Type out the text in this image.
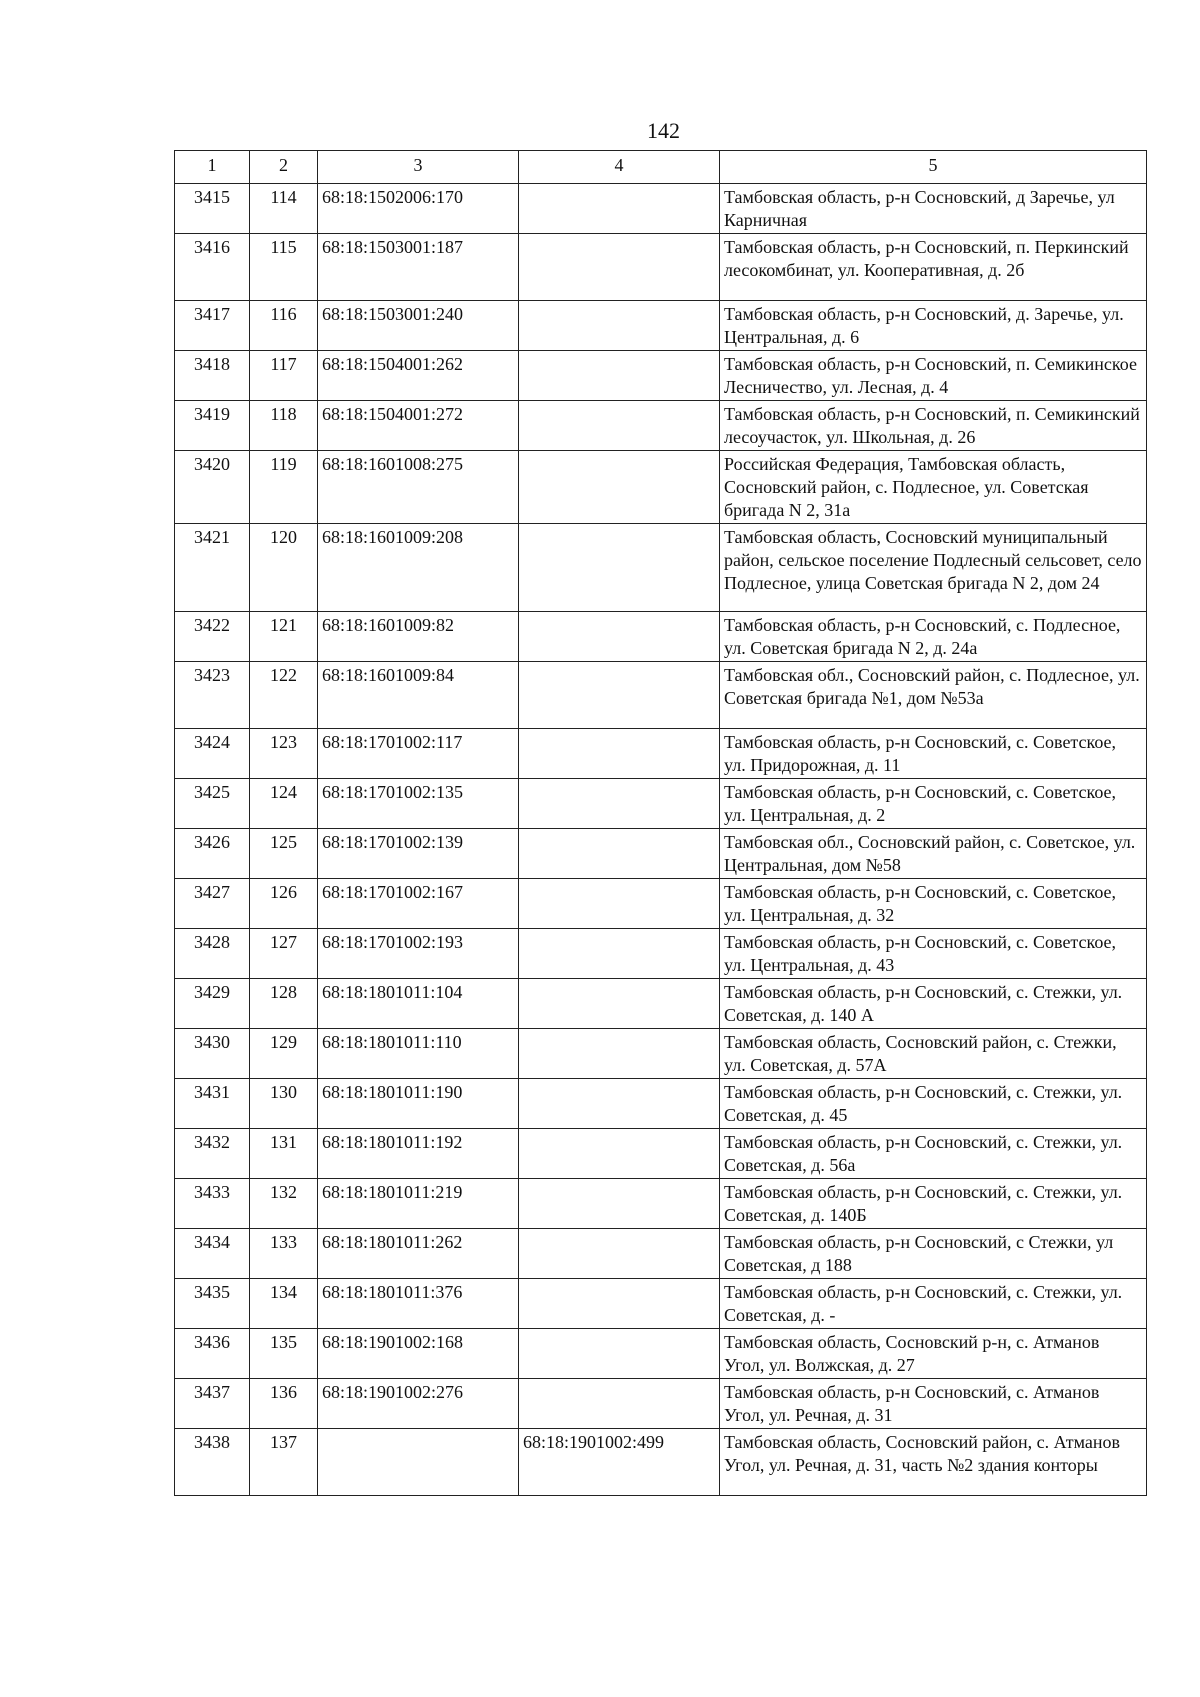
142
1	2	3	4	5
3415	114	68:18:1502006:170		Тамбовская область, р-н Сосновский, д Заречье, ул Карничная
3416	115	68:18:1503001:187		Тамбовская область, р-н Сосновский, п. Перкинский лесокомбинат, ул. Кооперативная, д. 2б
3417	116	68:18:1503001:240		Тамбовская область, р-н Сосновский, д. Заречье, ул. Центральная, д. 6
3418	117	68:18:1504001:262		Тамбовская область, р-н Сосновский, п. Семикинское Лесничество, ул. Лесная, д. 4
3419	118	68:18:1504001:272		Тамбовская область, р-н Сосновский, п. Семикинский лесоучасток, ул. Школьная, д. 26
3420	119	68:18:1601008:275		Российская Федерация, Тамбовская область, Сосновский район, с. Подлесное, ул. Советская бригада N 2, 31а
3421	120	68:18:1601009:208		Тамбовская область, Сосновский муниципальный район, сельское поселение Подлесный сельсовет, село Подлесное, улица Советская бригада N 2, дом 24
3422	121	68:18:1601009:82		Тамбовская область, р-н Сосновский, с. Подлесное, ул. Советская бригада N 2, д. 24а
3423	122	68:18:1601009:84		Тамбовская обл., Сосновский район, с. Подлесное, ул. Советская бригада №1, дом №53а
3424	123	68:18:1701002:117		Тамбовская область, р-н Сосновский, с. Советское, ул. Придорожная, д. 11
3425	124	68:18:1701002:135		Тамбовская область, р-н Сосновский, с. Советское, ул. Центральная, д. 2
3426	125	68:18:1701002:139		Тамбовская обл., Сосновский район, с. Советское, ул. Центральная, дом №58
3427	126	68:18:1701002:167		Тамбовская область, р-н Сосновский, с. Советское, ул. Центральная, д. 32
3428	127	68:18:1701002:193		Тамбовская область, р-н Сосновский, с. Советское, ул. Центральная, д. 43
3429	128	68:18:1801011:104		Тамбовская область, р-н Сосновский, с. Стежки, ул. Советская, д. 140 А
3430	129	68:18:1801011:110		Тамбовская область, Сосновский район, с. Стежки, ул. Советская, д. 57А
3431	130	68:18:1801011:190		Тамбовская область, р-н Сосновский, с. Стежки, ул. Советская, д. 45
3432	131	68:18:1801011:192		Тамбовская область, р-н Сосновский, с. Стежки, ул. Советская, д. 56а
3433	132	68:18:1801011:219		Тамбовская область, р-н Сосновский, с. Стежки, ул. Советская, д. 140Б
3434	133	68:18:1801011:262		Тамбовская область, р-н Сосновский, с Стежки, ул Советская, д 188
3435	134	68:18:1801011:376		Тамбовская область, р-н Сосновский, с. Стежки, ул. Советская, д. -
3436	135	68:18:1901002:168		Тамбовская область, Сосновский р-н, с. Атманов Угол, ул. Волжская, д. 27
3437	136	68:18:1901002:276		Тамбовская область, р-н Сосновский, с. Атманов Угол, ул. Речная, д. 31
3438	137		68:18:1901002:499	Тамбовская область, Сосновский район, с. Атманов Угол, ул. Речная, д. 31, часть №2 здания конторы
